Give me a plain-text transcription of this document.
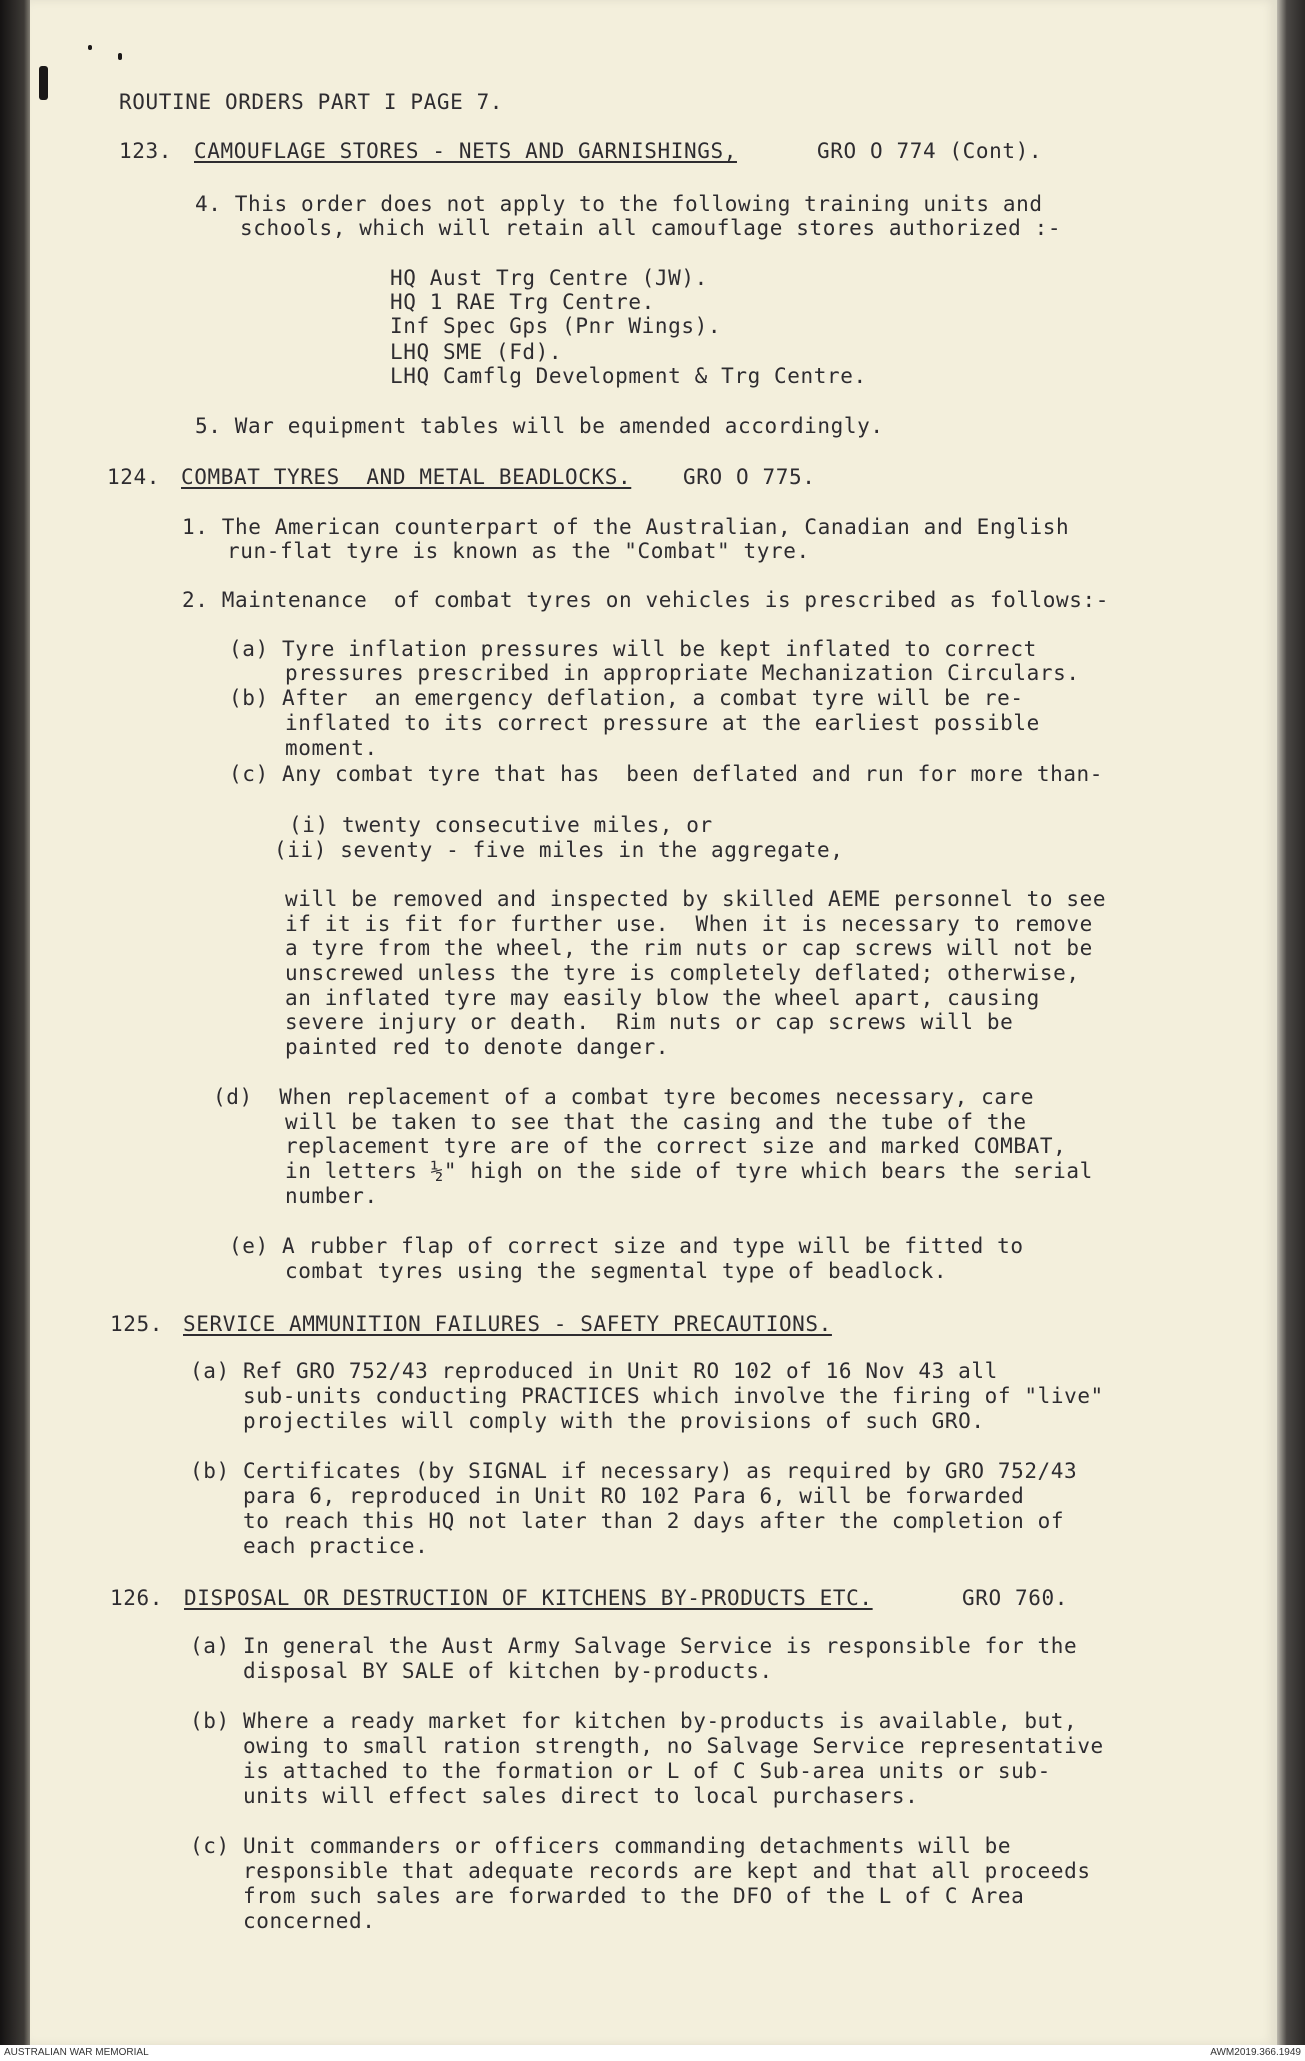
ROUTINE ORDERS PART I PAGE 7.
123. CAMOUFLAGE STORES - NETS AND GARNISHINGS,	GRO O 774 (Cont).
4. This order does not apply to the following training units and
schools, which will retain all camouflage stores authorized :-
HQ Aust Trg Centre (JW).
HQ 1 RAE Trg Centre.
Inf Spec Gps (Pnr Wings).
LHQ SME (Fd).
LHQ Camflg Development & Trg Centre.
5. War equipment tables will be amended accordingly.
124. COMBAT TYRES  AND METAL BEADLOCKS. GRO O 775.
1. The American counterpart of the Australian, Canadian and English
run-flat tyre is known as the "Combat" tyre.
2. Maintenance  of combat tyres on vehicles is prescribed as follows:-
(a) Tyre inflation pressures will be kept inflated to correct
pressures prescribed in appropriate Mechanization Circulars.
(b) After  an emergency deflation, a combat tyre will be re-
inflated to its correct pressure at the earliest possible
moment.
(c) Any combat tyre that has  been deflated and run for more than-
(i) twenty consecutive miles, or
(ii) seventy - five miles in the aggregate,
will be removed and inspected by skilled AEME personnel to see
if it is fit for further use.  When it is necessary to remove
a tyre from the wheel, the rim nuts or cap screws will not be
unscrewed unless the tyre is completely deflated; otherwise,
an inflated tyre may easily blow the wheel apart, causing
severe injury or death.  Rim nuts or cap screws will be
painted red to denote danger.
(d)  When replacement of a combat tyre becomes necessary, care
will be taken to see that the casing and the tube of the
replacement tyre are of the correct size and marked COMBAT,
in letters ½" high on the side of tyre which bears the serial
number.
(e) A rubber flap of correct size and type will be fitted to
combat tyres using the segmental type of beadlock.
125. SERVICE AMMUNITION FAILURES - SAFETY PRECAUTIONS.
(a) Ref GRO 752/43 reproduced in Unit RO 102 of 16 Nov 43 all
sub-units conducting PRACTICES which involve the firing of "live"
projectiles will comply with the provisions of such GRO.
(b) Certificates (by SIGNAL if necessary) as required by GRO 752/43
para 6, reproduced in Unit RO 102 Para 6, will be forwarded
to reach this HQ not later than 2 days after the completion of
each practice.
126. DISPOSAL OR DESTRUCTION OF KITCHENS BY-PRODUCTS ETC.	GRO 760.
(a) In general the Aust Army Salvage Service is responsible for the
disposal BY SALE of kitchen by-products.
(b) Where a ready market for kitchen by-products is available, but,
owing to small ration strength, no Salvage Service representative
is attached to the formation or L of C Sub-area units or sub-
units will effect sales direct to local purchasers.
(c) Unit commanders or officers commanding detachments will be
responsible that adequate records are kept and that all proceeds
from such sales are forwarded to the DFO of the L of C Area
concerned.
AUSTRALIAN WAR MEMORIAL	AWM2019.366.1949
